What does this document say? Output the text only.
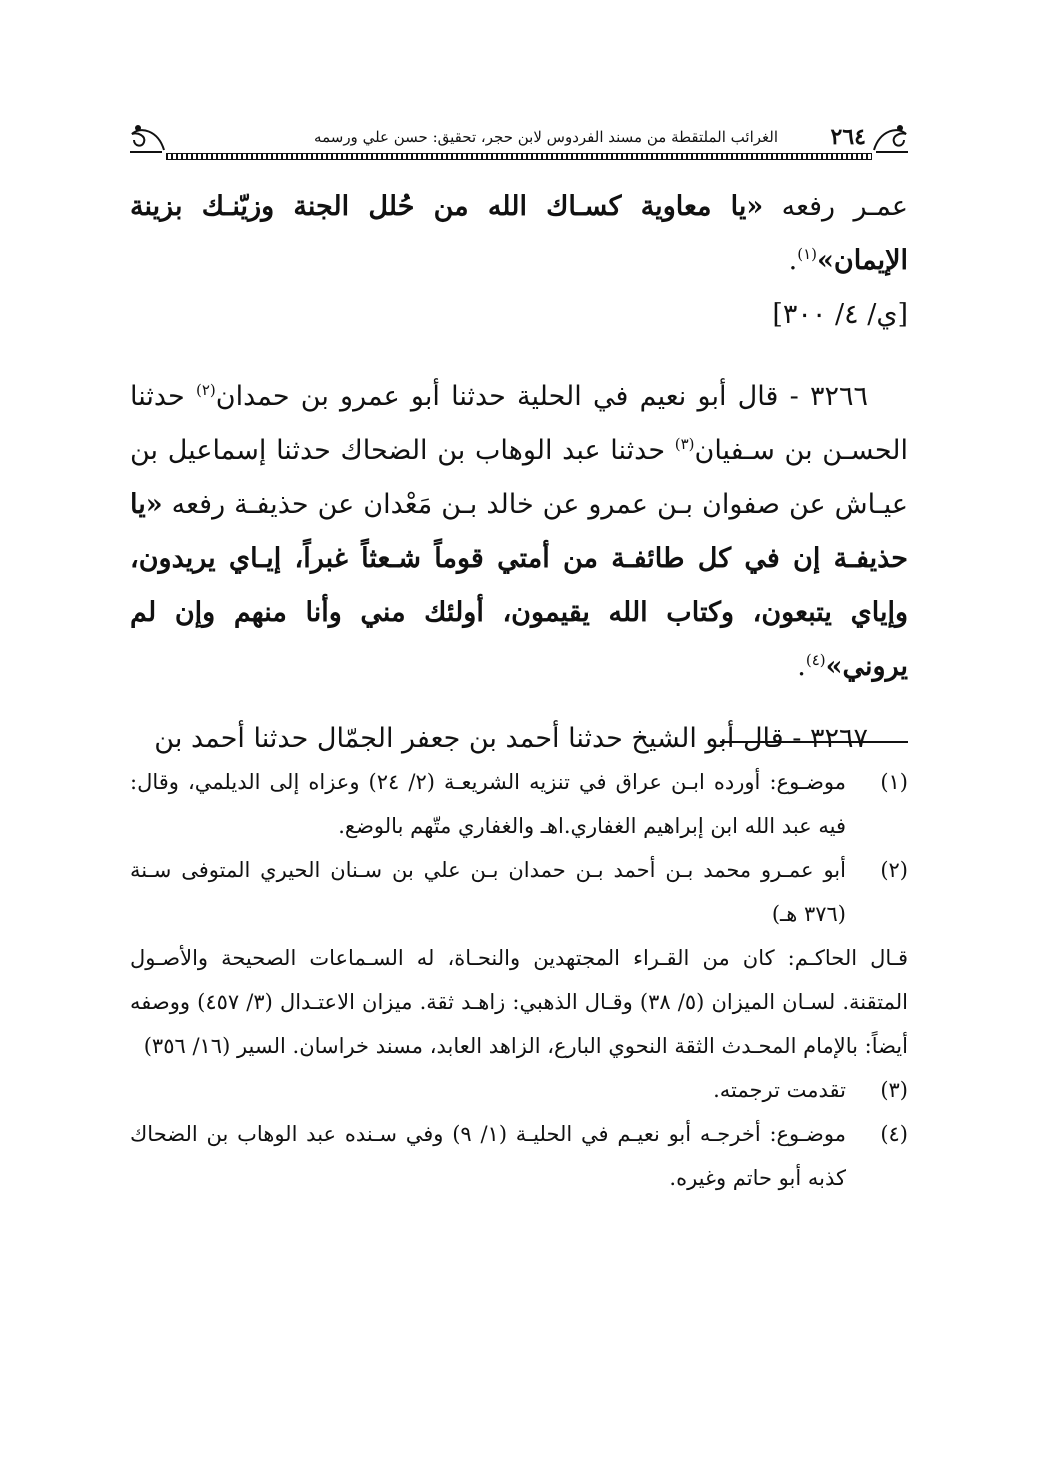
٢٦٤
الغرائب الملتقطة من مسند الفردوس لابن حجر، تحقيق: حسن علي ورسمه

عمـر رفعه «يا معاوية كسـاك الله من حُلل الجنة وزيّنـك بزينة الإيمان»$^{(١)}$.

[ي/ ٤/ ٣٠٠]

٣٢٦٦ - قال أبو نعيم في الحلية حدثنا أبو عمرو بن حمدان$^{(٢)}$ حدثنا الحسـن بن سـفيان$^{(٣)}$ حدثنا عبد الوهاب بن الضحاك حدثنا إسماعيل بن عيـاش عن صفوان بـن عمرو عن خالد بـن مَعْدان عن حذيفـة رفعه «يا حذيفـة إن في كل طائفـة من أمتي قوماً شـعثاً غبراً، إيـاي يريدون، وإياي يتبعون، وكتاب الله يقيمون، أولئك مني وأنا منهم وإن لم يروني»$^{(٤)}$.

٣٢٦٧ - قال أبو الشيخ حدثنا أحمد بن جعفر الجمّال حدثنا أحمد بن

(١)
موضـوع: أورده ابـن عراق في تنزيه الشريعـة (٢/ ٢٤) وعزاه إلى الديلمي، وقال: فيه عبد الله ابن إبراهيم الغفاري.اهـ والغفاري متّهم بالوضع.
(٢)
أبو عمـرو محمد بـن أحمد بـن حمدان بـن علي بن سـنان الحيري المتوفى سـنة (٣٧٦ هـ)

قـال الحاكـم: كان من القـراء المجتهدين والنحـاة، له السـماعات الصحيحة والأصـول المتقنة. لسـان الميزان (٥/ ٣٨) وقـال الذهبي: زاهـد ثقة. ميزان الاعتـدال (٣/ ٤٥٧) ووصفه أيضاً: بالإمام المحـدث الثقة النحوي البارع، الزاهد العابد، مسند خراسان. السير (١٦/ ٣٥٦)

(٣)
تقدمت ترجمته.
(٤)
موضـوع: أخرجـه أبو نعيـم في الحليـة (١/ ٩) وفي سـنده عبد الوهاب بن الضحاك كذبه أبو حاتم وغيره.
